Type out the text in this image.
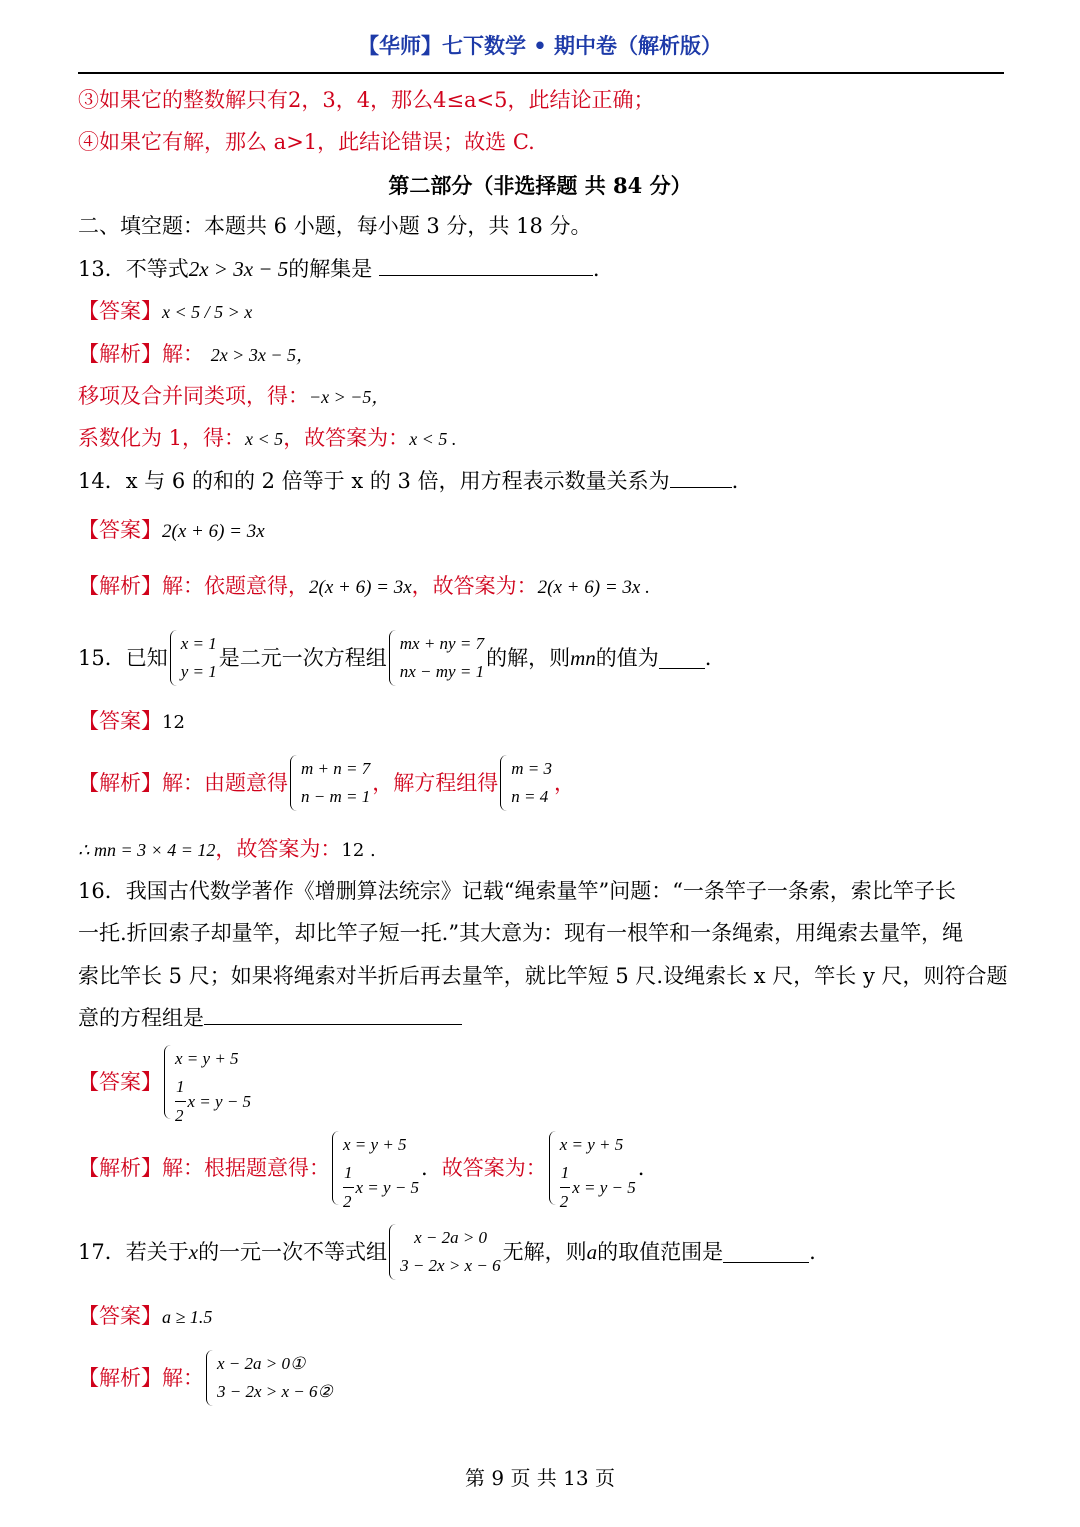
【华师】七下数学 • 期中卷（解析版）
③如果它的整数解只有2，3，4，那么4≤a<5，此结论正确；
④如果它有解，那么 a>1，此结论错误；故选 C.
第二部分（非选择题 共 84 分）
二、填空题：本题共 6 小题，每小题 3 分，共 18 分。
13．不等式2x > 3x − 5的解集是	.
【答案】x < 5 / 5 > x
【解析】解： 2x > 3x − 5，
移项及合并同类项，得：−x > −5，
系数化为 1，得：x < 5，故答案为：x < 5 .
14．x 与 6 的和的 2 倍等于 x 的 3 倍，用方程表示数量关系为	.
【答案】2(x + 6) = 3x
【解析】解：依题意得，2(x + 6) = 3x，故答案为：2(x + 6) = 3x .
15．已知
x = 1
y = 1
是二元一次方程组
mx + ny = 7
nx − my = 1
的解，则 mn 的值为 .
【答案】12
【解析】 解：由题意得
m + n = 7
n − m = 1
，解方程组得
m = 3
n = 4
，
∴ mn = 3 × 4 = 12，故答案为：12 .
16．我国古代数学著作《增删算法统宗》记载“绳索量竿”问题：“一条竿子一条索，索比竿子长
一托.折回索子却量竿，却比竿子短一托.”其大意为：现有一根竿和一条绳索，用绳索去量竿，绳
索比竿长 5 尺；如果将绳索对半折后再去量竿，就比竿短 5 尺.设绳索长 x 尺，竿长 y 尺，则符合题
意的方程组是
【答案】
x = y + 5
$\frac{1}{2}$ x = y − 5
【解析】 解：根据题意得：
x = y + 5
$\frac{1}{2}$ x = y − 5
. 故答案为：
x = y + 5
$\frac{1}{2}$ x = y − 5
.
17．若关于 x 的一元一次不等式组
x − 2a > 0
3 − 2x > x − 6
无解，则 a 的取值范围是	.
【答案】a ≥ 1.5
【解析】 解：
x − 2a > 0①
3 − 2x > x − 6②
第 9 页 共 13 页
